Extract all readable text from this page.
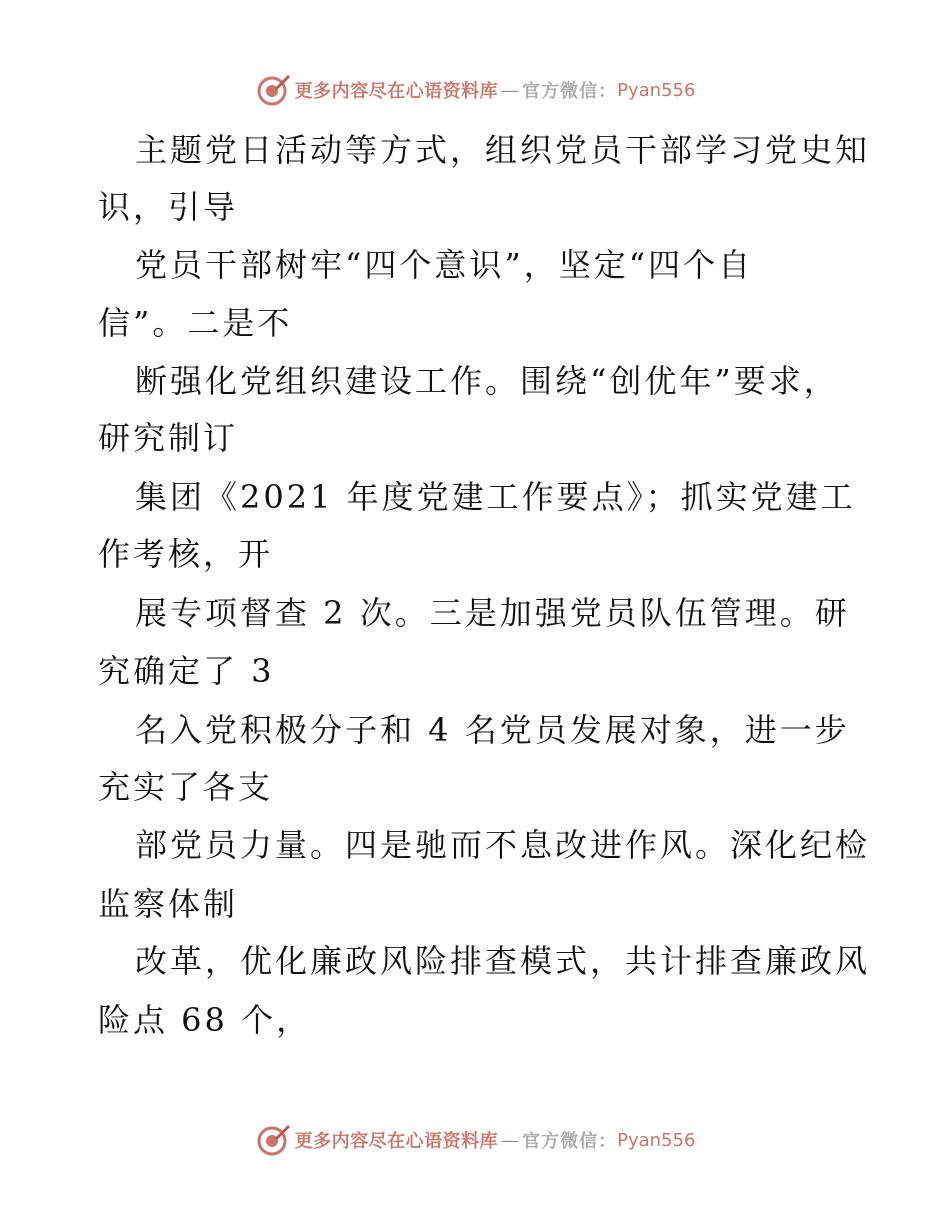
更多内容尽在心语资料库 — 官方微信： Pyan556
主题党日活动等方式，组织党员干部学习党史知
识，引导
党员干部树牢“四个意识”，坚定“四个自
信”。二是不
断强化党组织建设工作。围绕“创优年”要求，
研究制订
集团《2021 年度党建工作要点》；抓实党建工
作考核，开
展专项督查 2 次。三是加强党员队伍管理。研
究确定了 3
名入党积极分子和 4 名党员发展对象，进一步
充实了各支
部党员力量。四是驰而不息改进作风。深化纪检
监察体制
改革，优化廉政风险排查模式，共计排查廉政风
险点 68 个，
更多内容尽在心语资料库 — 官方微信： Pyan556
